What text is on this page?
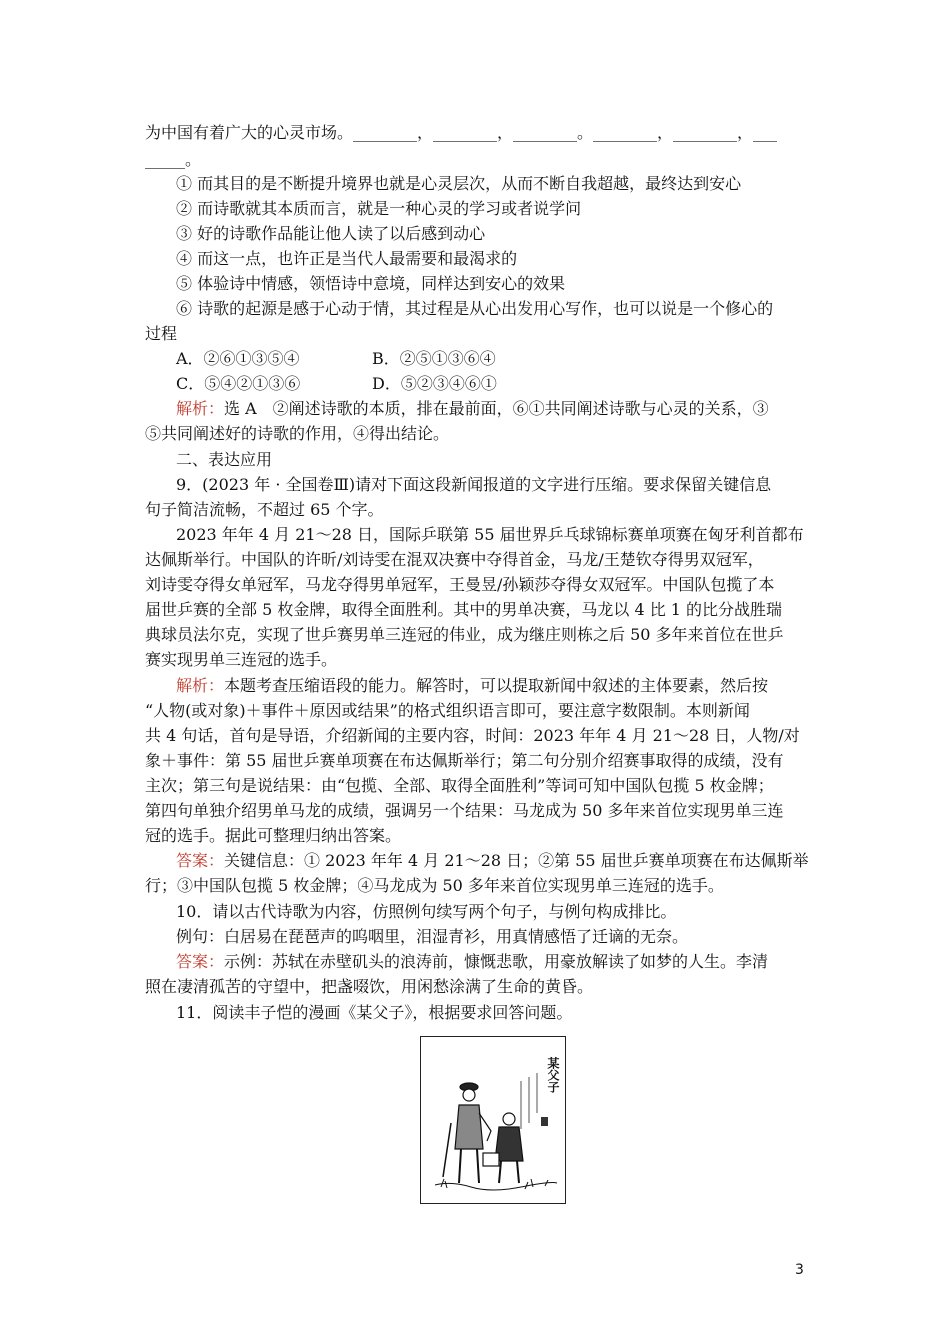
为中国有着广大的心灵市场。________，________，________。________，________，___
_____。
① 而其目的是不断提升境界也就是心灵层次，从而不断自我超越，最终达到安心
② 而诗歌就其本质而言，就是一种心灵的学习或者说学问
③ 好的诗歌作品能让他人读了以后感到动心
④ 而这一点，也许正是当代人最需要和最渴求的
⑤ 体验诗中情感，领悟诗中意境，同样达到安心的效果
⑥ 诗歌的起源是感于心动于情，其过程是从心出发用心写作，也可以说是一个修心的
过程
A．②⑥①③⑤④	B．②⑤①③⑥④
C．⑤④②①③⑥	D．⑤②③④⑥①
解析：选 A　②阐述诗歌的本质，排在最前面，⑥①共同阐述诗歌与心灵的关系，③
⑤共同阐述好的诗歌的作用，④得出结论。
二、表达应用
9．(2023 年 · 全国卷Ⅲ)请对下面这段新闻报道的文字进行压缩。要求保留关键信息
句子简洁流畅，不超过 65 个字。
2023 年年 4 月 21～28 日，国际乒联第 55 届世界乒乓球锦标赛单项赛在匈牙利首都布
达佩斯举行。中国队的许昕/刘诗雯在混双决赛中夺得首金，马龙/王楚钦夺得男双冠军，
刘诗雯夺得女单冠军，马龙夺得男单冠军，王曼昱/孙颖莎夺得女双冠军。中国队包揽了本
届世乒赛的全部 5 枚金牌，取得全面胜利。其中的男单决赛，马龙以 4 比 1 的比分战胜瑞
典球员法尔克，实现了世乒赛男单三连冠的伟业，成为继庄则栋之后 50 多年来首位在世乒
赛实现男单三连冠的选手。
解析：本题考查压缩语段的能力。解答时，可以提取新闻中叙述的主体要素，然后按
“人物(或对象)＋事件＋原因或结果”的格式组织语言即可，要注意字数限制。本则新闻
共 4 句话，首句是导语，介绍新闻的主要内容，时间：2023 年年 4 月 21～28 日，人物/对
象＋事件：第 55 届世乒赛单项赛在布达佩斯举行；第二句分别介绍赛事取得的成绩，没有
主次；第三句是说结果：由“包揽、全部、取得全面胜利”等词可知中国队包揽 5 枚金牌；
第四句单独介绍男单马龙的成绩，强调另一个结果：马龙成为 50 多年来首位实现男单三连
冠的选手。据此可整理归纳出答案。
答案：关键信息：① 2023 年年 4 月 21～28 日；②第 55 届世乒赛单项赛在布达佩斯举
行；③中国队包揽 5 枚金牌；④马龙成为 50 多年来首位实现男单三连冠的选手。
10．请以古代诗歌为内容，仿照例句续写两个句子，与例句构成排比。
例句：白居易在琵琶声的呜咽里，泪湿青衫，用真情感悟了迁谪的无奈。
答案：示例：苏轼在赤壁矶头的浪涛前，慷慨悲歌，用豪放解读了如梦的人生。李清
照在凄清孤苦的守望中，把盏啜饮，用闲愁涂满了生命的黄昏。
11．阅读丰子恺的漫画《某父子》，根据要求回答问题。
某父子
3
